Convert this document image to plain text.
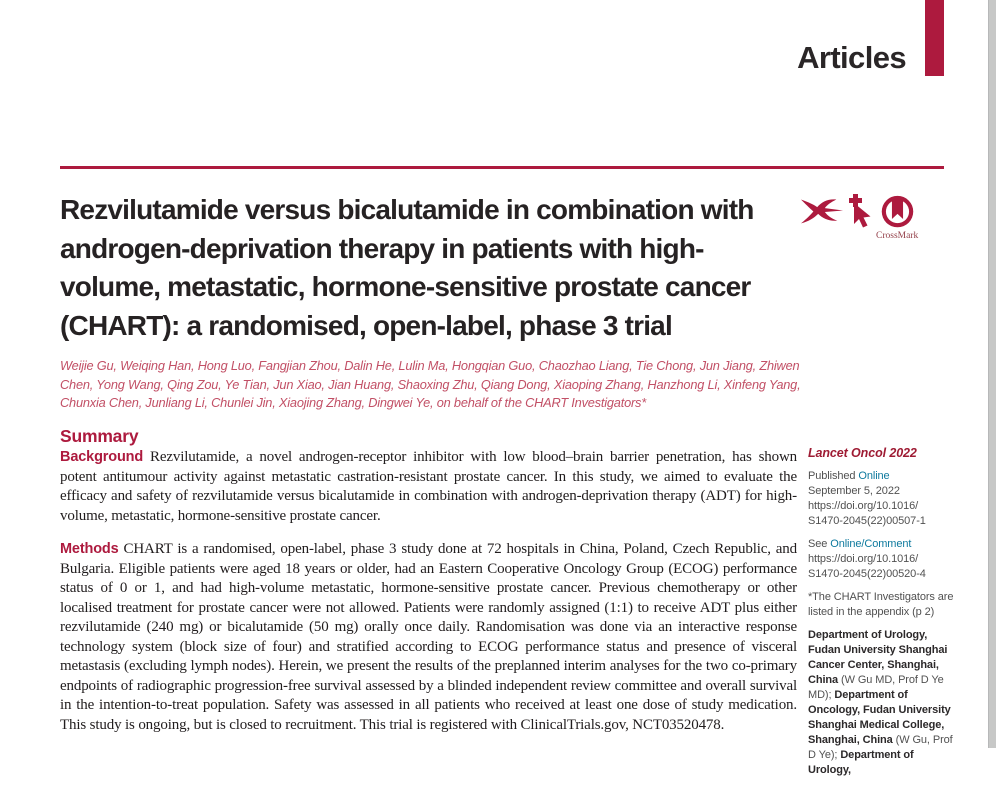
Articles
Rezvilutamide versus bicalutamide in combination with
androgen-deprivation therapy in patients with high-
volume, metastatic, hormone-sensitive prostate cancer
(CHART): a randomised, open-label, phase 3 trial

Weijie Gu, Weiqing Han, Hong Luo, Fangjian Zhou, Dalin He, Lulin Ma, Hongqian Guo, Chaozhao Liang, Tie Chong, Jun Jiang, Zhiwen Chen, Yong Wang, Qing Zou, Ye Tian, Jun Xiao, Jian Huang, Shaoxing Zhu, Qiang Dong, Xiaoping Zhang, Hanzhong Li, Xinfeng Yang, Chunxia Chen, Junliang Li, Chunlei Jin, Xiaojing Zhang, Dingwei Ye, on behalf of the CHART Investigators*

Summary

Background Rezvilutamide, a novel androgen-receptor inhibitor with low blood–brain barrier penetration, has shown potent antitumour activity against metastatic castration-resistant prostate cancer. In this study, we aimed to evaluate the efficacy and safety of rezvilutamide versus bicalutamide in combination with androgen-deprivation therapy (ADT) for high-volume, metastatic, hormone-sensitive prostate cancer.

Methods CHART is a randomised, open-label, phase 3 study done at 72 hospitals in China, Poland, Czech Republic, and Bulgaria. Eligible patients were aged 18 years or older, had an Eastern Cooperative Oncology Group (ECOG) performance status of 0 or 1, and had high-volume metastatic, hormone-sensitive prostate cancer. Previous chemotherapy or other localised treatment for prostate cancer were not allowed. Patients were randomly assigned (1:1) to receive ADT plus either rezvilutamide (240 mg) or bicalutamide (50 mg) orally once daily. Randomisation was done via an interactive response technology system (block size of four) and stratified according to ECOG performance status and presence of visceral metastasis (excluding lymph nodes). Herein, we present the results of the preplanned interim analyses for the two co-primary endpoints of radiographic progression-free survival assessed by a blinded independent review committee and overall survival in the intention-to-treat population. Safety was assessed in all patients who received at least one dose of study medication. This study is ongoing, but is closed to recruitment. This trial is registered with ClinicalTrials.gov, NCT03520478.

CrossMark
Lancet Oncol 2022
Published Online
September 5, 2022
https://doi.org/10.1016/
S1470-2045(22)00507-1
See Online/Comment
https://doi.org/10.1016/
S1470-2045(22)00520-4
*The CHART Investigators are listed in the appendix (p 2)
Department of Urology, Fudan University Shanghai Cancer Center, Shanghai, China (W Gu MD, Prof D Ye MD); Department of Oncology, Fudan University Shanghai Medical College, Shanghai, China (W Gu, Prof D Ye); Department of Urology,
